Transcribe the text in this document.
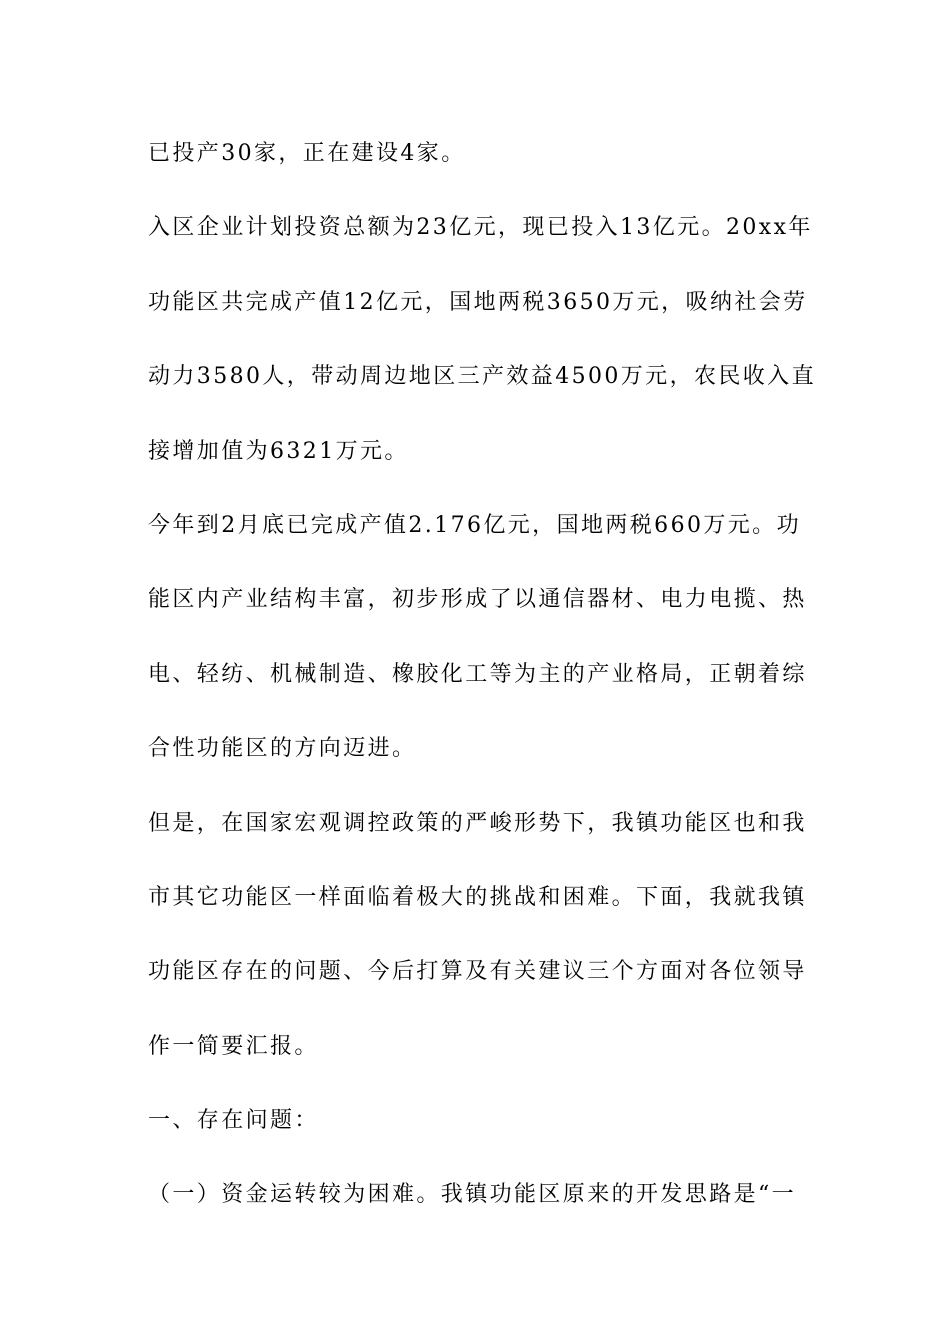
已投产30家，正在建设4家。
入区企业计划投资总额为23亿元，现已投入13亿元。20xx年
功能区共完成产值12亿元，国地两税3650万元，吸纳社会劳
动力3580人，带动周边地区三产效益4500万元，农民收入直
接增加值为6321万元。
今年到2月底已完成产值2.176亿元，国地两税660万元。功
能区内产业结构丰富，初步形成了以通信器材、电力电揽、热
电、轻纺、机械制造、橡胶化工等为主的产业格局，正朝着综
合性功能区的方向迈进。
但是，在国家宏观调控政策的严峻形势下，我镇功能区也和我
市其它功能区一样面临着极大的挑战和困难。下面，我就我镇
功能区存在的问题、今后打算及有关建议三个方面对各位领导
作一简要汇报。
一、存在问题：
（一）资金运转较为困难。我镇功能区原来的开发思路是“一
